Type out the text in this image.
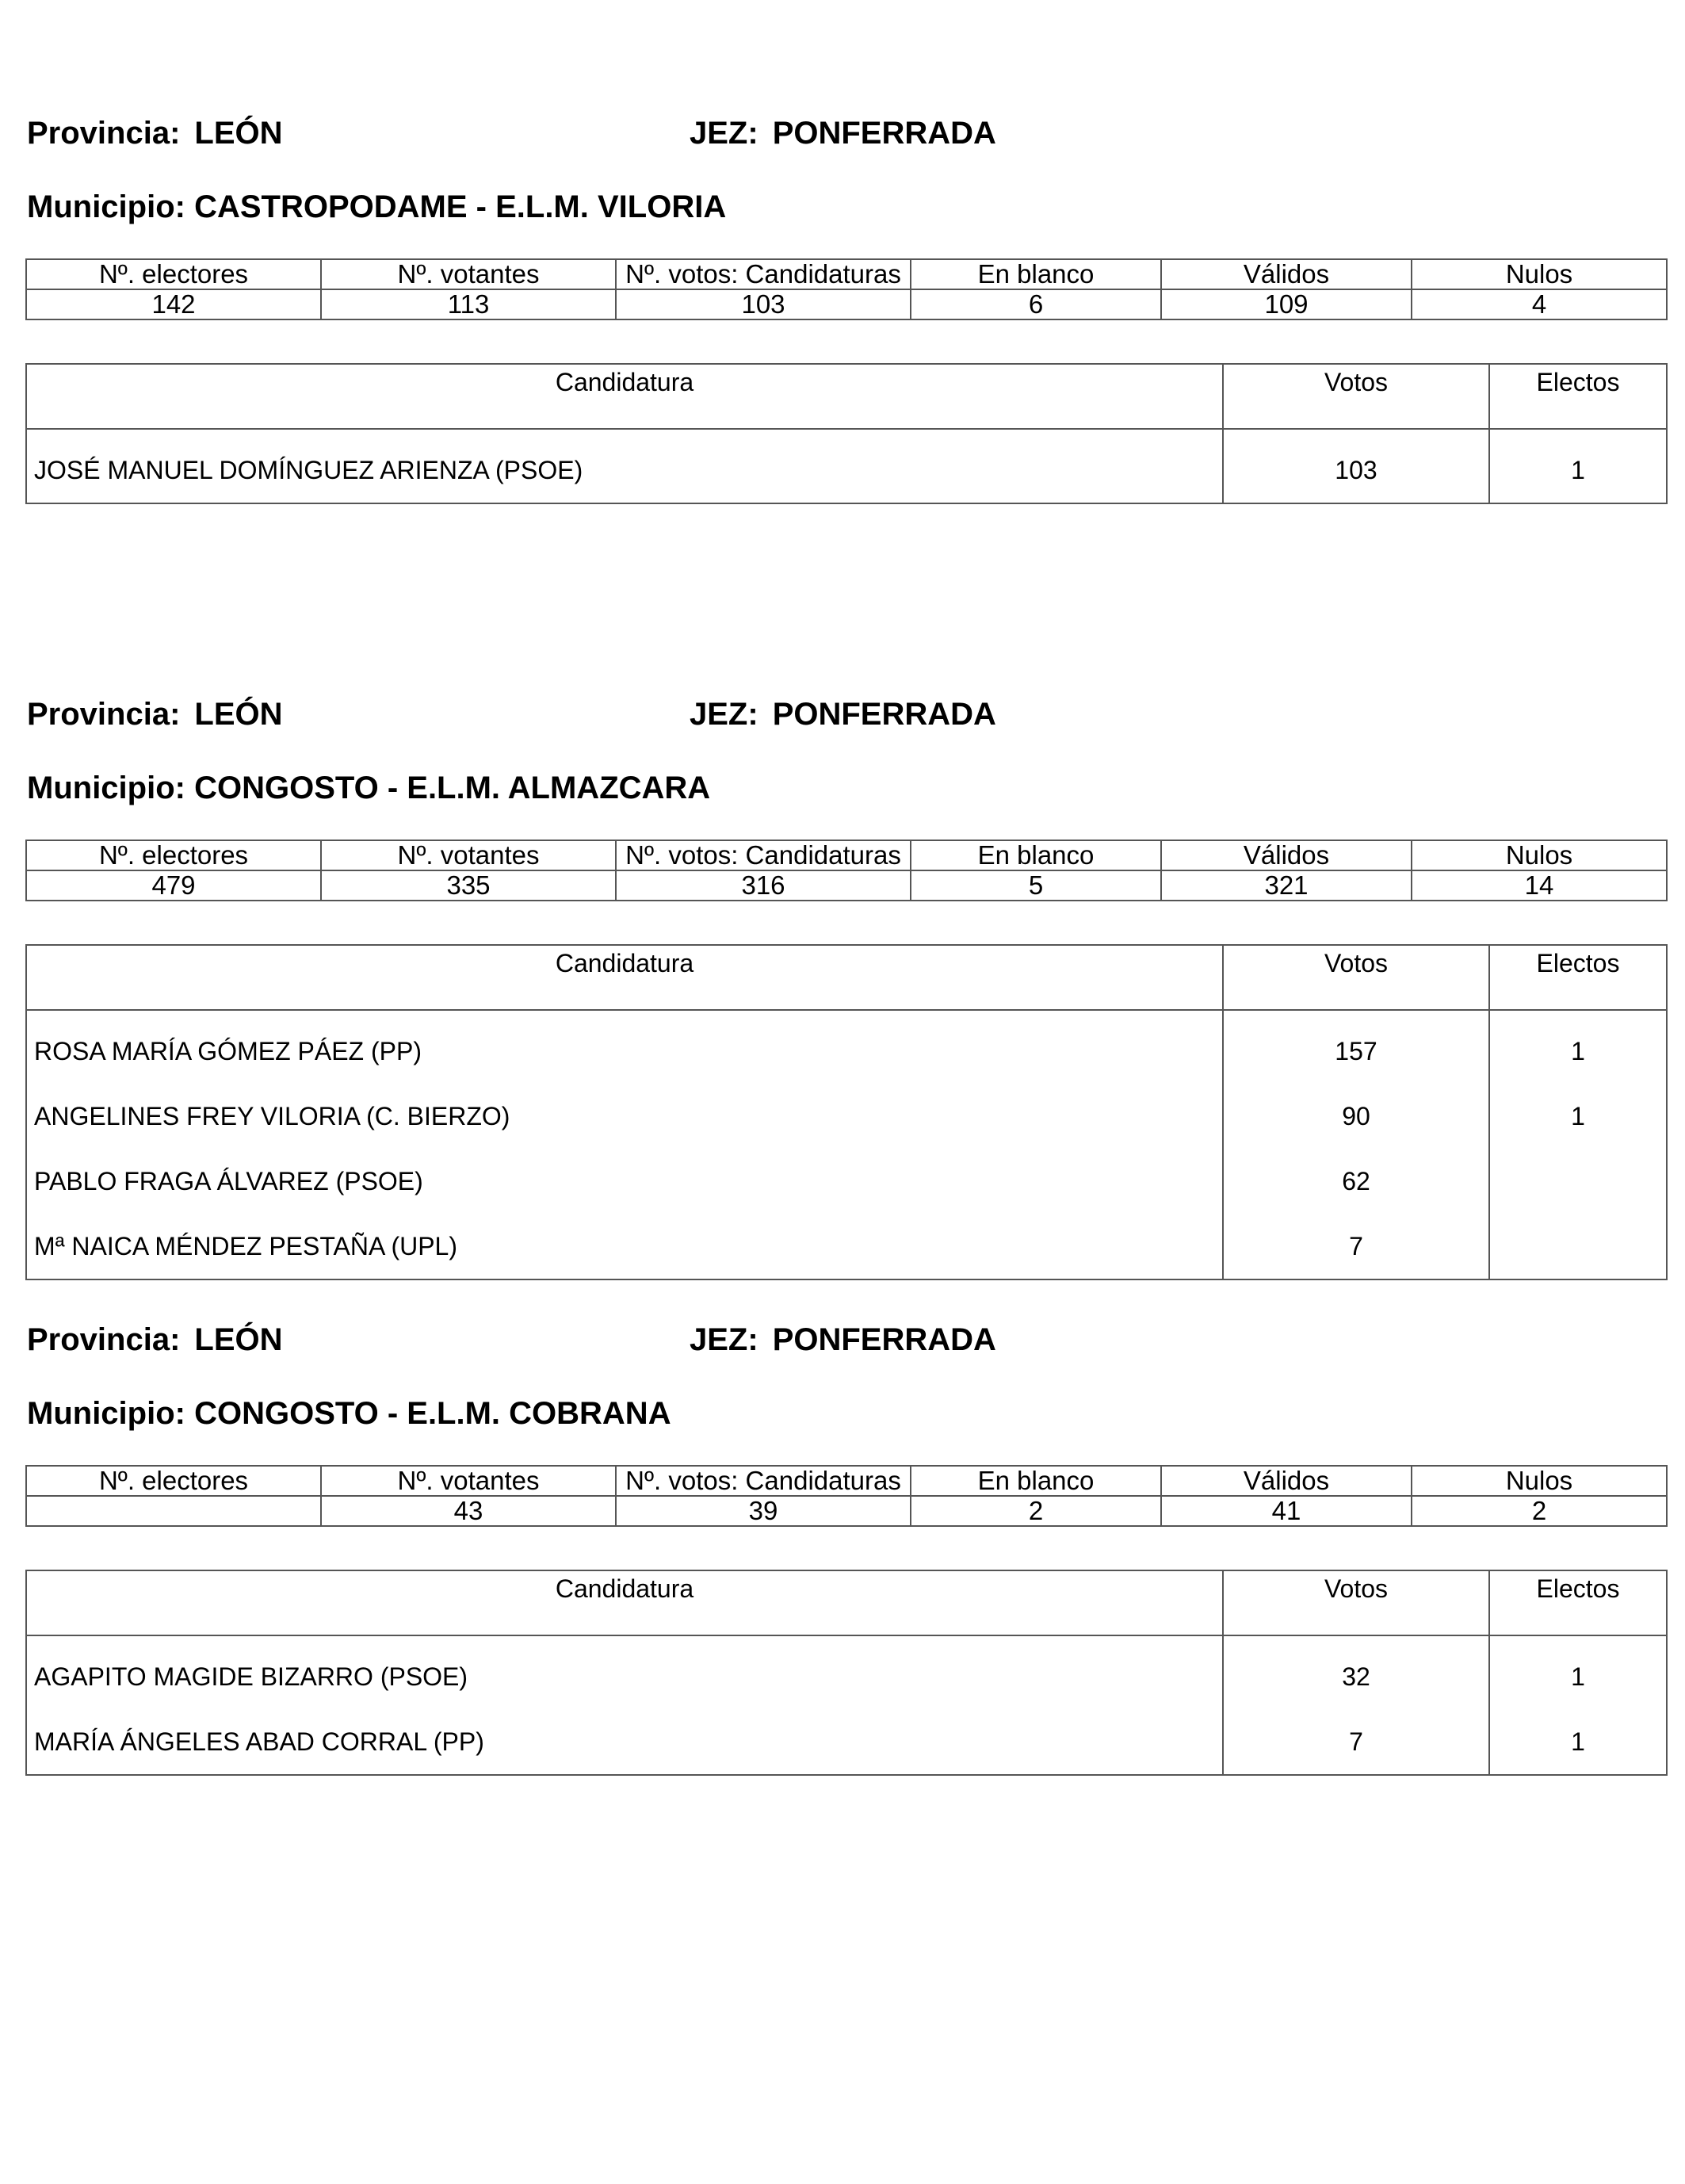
Provincia: LEÓN	JEZ: PONFERRADA
Municipio: CASTROPODAME - E.L.M. VILORIA
Nº. electores	Nº. votantes	Nº. votos: Candidaturas	En blanco	Válidos	Nulos
142	113	103	6	109	4
Candidatura	Votos	Electos
JOSÉ MANUEL DOMÍNGUEZ ARIENZA (PSOE)	103	1
Provincia: LEÓN	JEZ: PONFERRADA
Municipio: CONGOSTO - E.L.M. ALMAZCARA
Nº. electores	Nº. votantes	Nº. votos: Candidaturas	En blanco	Válidos	Nulos
479	335	316	5	321	14
Candidatura	Votos	Electos
ROSA MARÍA GÓMEZ PÁEZ (PP)	157	1
ANGELINES FREY VILORIA (C. BIERZO)	90	1
PABLO FRAGA ÁLVAREZ (PSOE)	62	
Mª NAICA MÉNDEZ PESTAÑA (UPL)	7	
Provincia: LEÓN	JEZ: PONFERRADA
Municipio: CONGOSTO - E.L.M. COBRANA
Nº. electores	Nº. votantes	Nº. votos: Candidaturas	En blanco	Válidos	Nulos
	43	39	2	41	2
Candidatura	Votos	Electos
AGAPITO MAGIDE BIZARRO (PSOE)	32	1
MARÍA ÁNGELES ABAD CORRAL (PP)	7	1
